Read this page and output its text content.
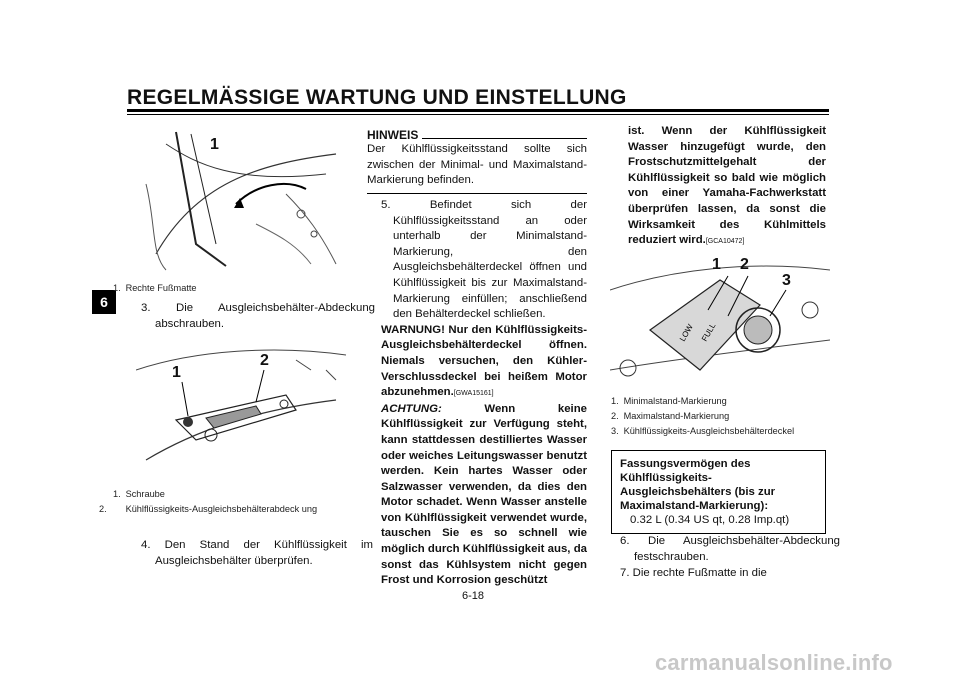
REGELMÄSSIGE WARTUNG UND EINSTELLUNG
6
1
1. Rechte Fußmatte
3. Die Ausgleichsbehälter-Abdeckung abschrauben.
1
2
1. Schraube
2. Kühlflüssigkeits-Ausgleichsbehälterabdeck ung
4. Den Stand der Kühlflüssigkeit im Ausgleichsbehälter überprüfen.
HINWEIS
Der Kühlflüssigkeitsstand sollte sich zwischen der Minimal- und Maximalstand-Markierung befinden.
5. Befindet sich der Kühlflüssigkeitsstand an oder unterhalb der Minimalstand-Markierung, den Ausgleichsbehälterdeckel öffnen und Kühlflüssigkeit bis zur Maximalstand-Markierung einfüllen; anschließend den Behälterdeckel schließen.
WARNUNG! Nur den Kühlflüssigkeits-Ausgleichsbehälterdeckel öffnen. Niemals versuchen, den Kühler-Verschlussdeckel bei heißem Motor abzunehmen.[GWA15161]
ACHTUNG:	Wenn keine Kühlflüssigkeit zur Verfügung steht, kann stattdessen destilliertes Wasser oder weiches Leitungswasser benutzt werden. Kein hartes Wasser oder Salzwasser verwenden, da dies den Motor schadet. Wenn Wasser anstelle von Kühlflüssigkeit verwendet wurde, tauschen Sie es so schnell wie möglich durch Kühlflüssigkeit aus, da sonst das Kühlsystem nicht gegen Frost und Korrosion geschützt
ist. Wenn der Kühlflüssigkeit Wasser hinzugefügt wurde, den Frostschutzmittelgehalt der Kühlflüssigkeit so bald wie möglich von einer Yamaha-Fachwerkstatt überprüfen lassen, da sonst die Wirksamkeit des Kühlmittels reduziert wird.[GCA10472]
LOW FULL
1 2
3
1. Minimalstand-Markierung
2. Maximalstand-Markierung
3. Kühlflüssigkeits-Ausgleichsbehälterdeckel
Fassungsvermögen des Kühlflüssigkeits-Ausgleichsbehälters (bis zur Maximalstand-Markierung):
0.32 L (0.34 US qt, 0.28 Imp.qt)
6. Die Ausgleichsbehälter-Abdeckung festschrauben.
7. Die rechte Fußmatte in die
6-18
carmanualsonline.info
